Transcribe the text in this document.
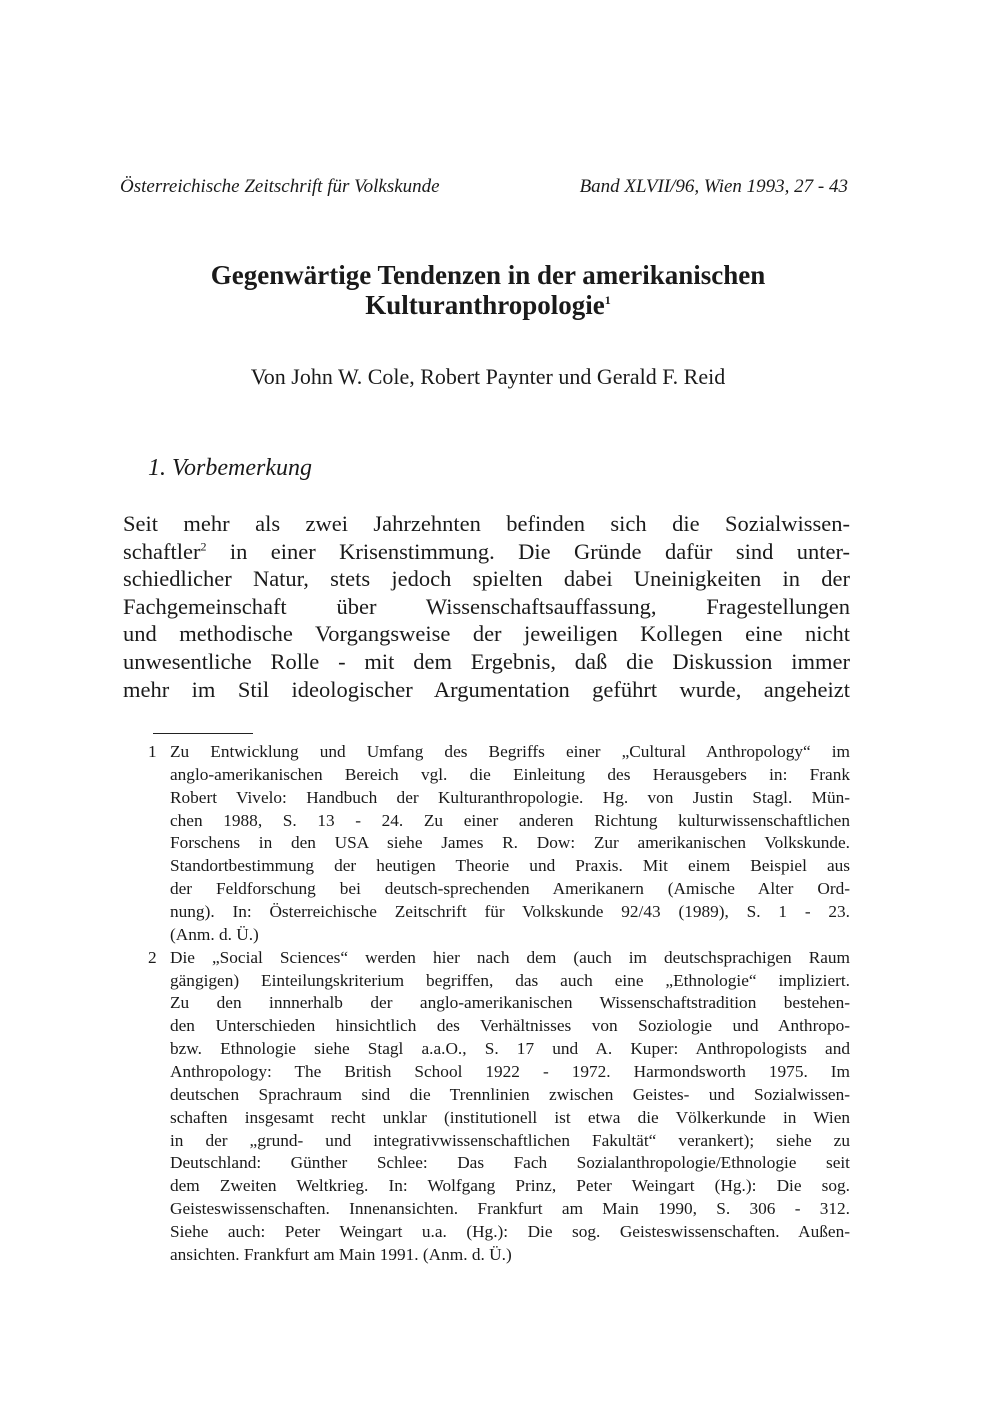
Österreichische Zeitschrift für Volkskunde	Band XLVII/96, Wien 1993, 27 - 43
Gegenwärtige Tendenzen in der amerikanischen
Kulturanthropologie$^1$
Von John W. Cole, Robert Paynter und Gerald F. Reid
1. Vorbemerkung
Seit mehr als zwei Jahrzehnten befinden sich die Sozialwissen-
schaftler$^2$ in einer Krisenstimmung. Die Gründe dafür sind unter-
schiedlicher Natur, stets jedoch spielten dabei Uneinigkeiten in der
Fachgemeinschaft über Wissenschaftsauffassung, Fragestellungen
und methodische Vorgangsweise der jeweiligen Kollegen eine nicht
unwesentliche Rolle - mit dem Ergebnis, daß die Diskussion immer
mehr im Stil ideologischer Argumentation geführt wurde, angeheizt
1 Zu Entwicklung und Umfang des Begriffs einer „Cultural Anthropology“ im
anglo-amerikanischen Bereich vgl. die Einleitung des Herausgebers in: Frank
Robert Vivelo: Handbuch der Kulturanthropologie. Hg. von Justin Stagl. Mün-
chen 1988, S. 13 - 24. Zu einer anderen Richtung kulturwissenschaftlichen
Forschens in den USA siehe James R. Dow: Zur amerikanischen Volkskunde.
Standortbestimmung der heutigen Theorie und Praxis. Mit einem Beispiel aus
der Feldforschung bei deutsch-sprechenden Amerikanern (Amische Alter Ord-
nung). In: Österreichische Zeitschrift für Volkskunde 92/43 (1989), S. 1 - 23.
(Anm. d. Ü.)
2 Die „Social Sciences“ werden hier nach dem (auch im deutschsprachigen Raum
gängigen) Einteilungskriterium begriffen, das auch eine „Ethnologie“ impliziert.
Zu den innnerhalb der anglo-amerikanischen Wissenschaftstradition bestehen-
den Unterschieden hinsichtlich des Verhältnisses von Soziologie und Anthropo-
bzw. Ethnologie siehe Stagl a.a.O., S. 17 und A. Kuper: Anthropologists and
Anthropology: The British School 1922 - 1972. Harmondsworth 1975. Im
deutschen Sprachraum sind die Trennlinien zwischen Geistes- und Sozialwissen-
schaften insgesamt recht unklar (institutionell ist etwa die Völkerkunde in Wien
in der „grund- und integrativwissenschaftlichen Fakultät“ verankert); siehe zu
Deutschland: Günther Schlee: Das Fach Sozialanthropologie/Ethnologie seit
dem Zweiten Weltkrieg. In: Wolfgang Prinz, Peter Weingart (Hg.): Die sog.
Geisteswissenschaften. Innenansichten. Frankfurt am Main 1990, S. 306 - 312.
Siehe auch: Peter Weingart u.a. (Hg.): Die sog. Geisteswissenschaften. Außen-
ansichten. Frankfurt am Main 1991. (Anm. d. Ü.)
